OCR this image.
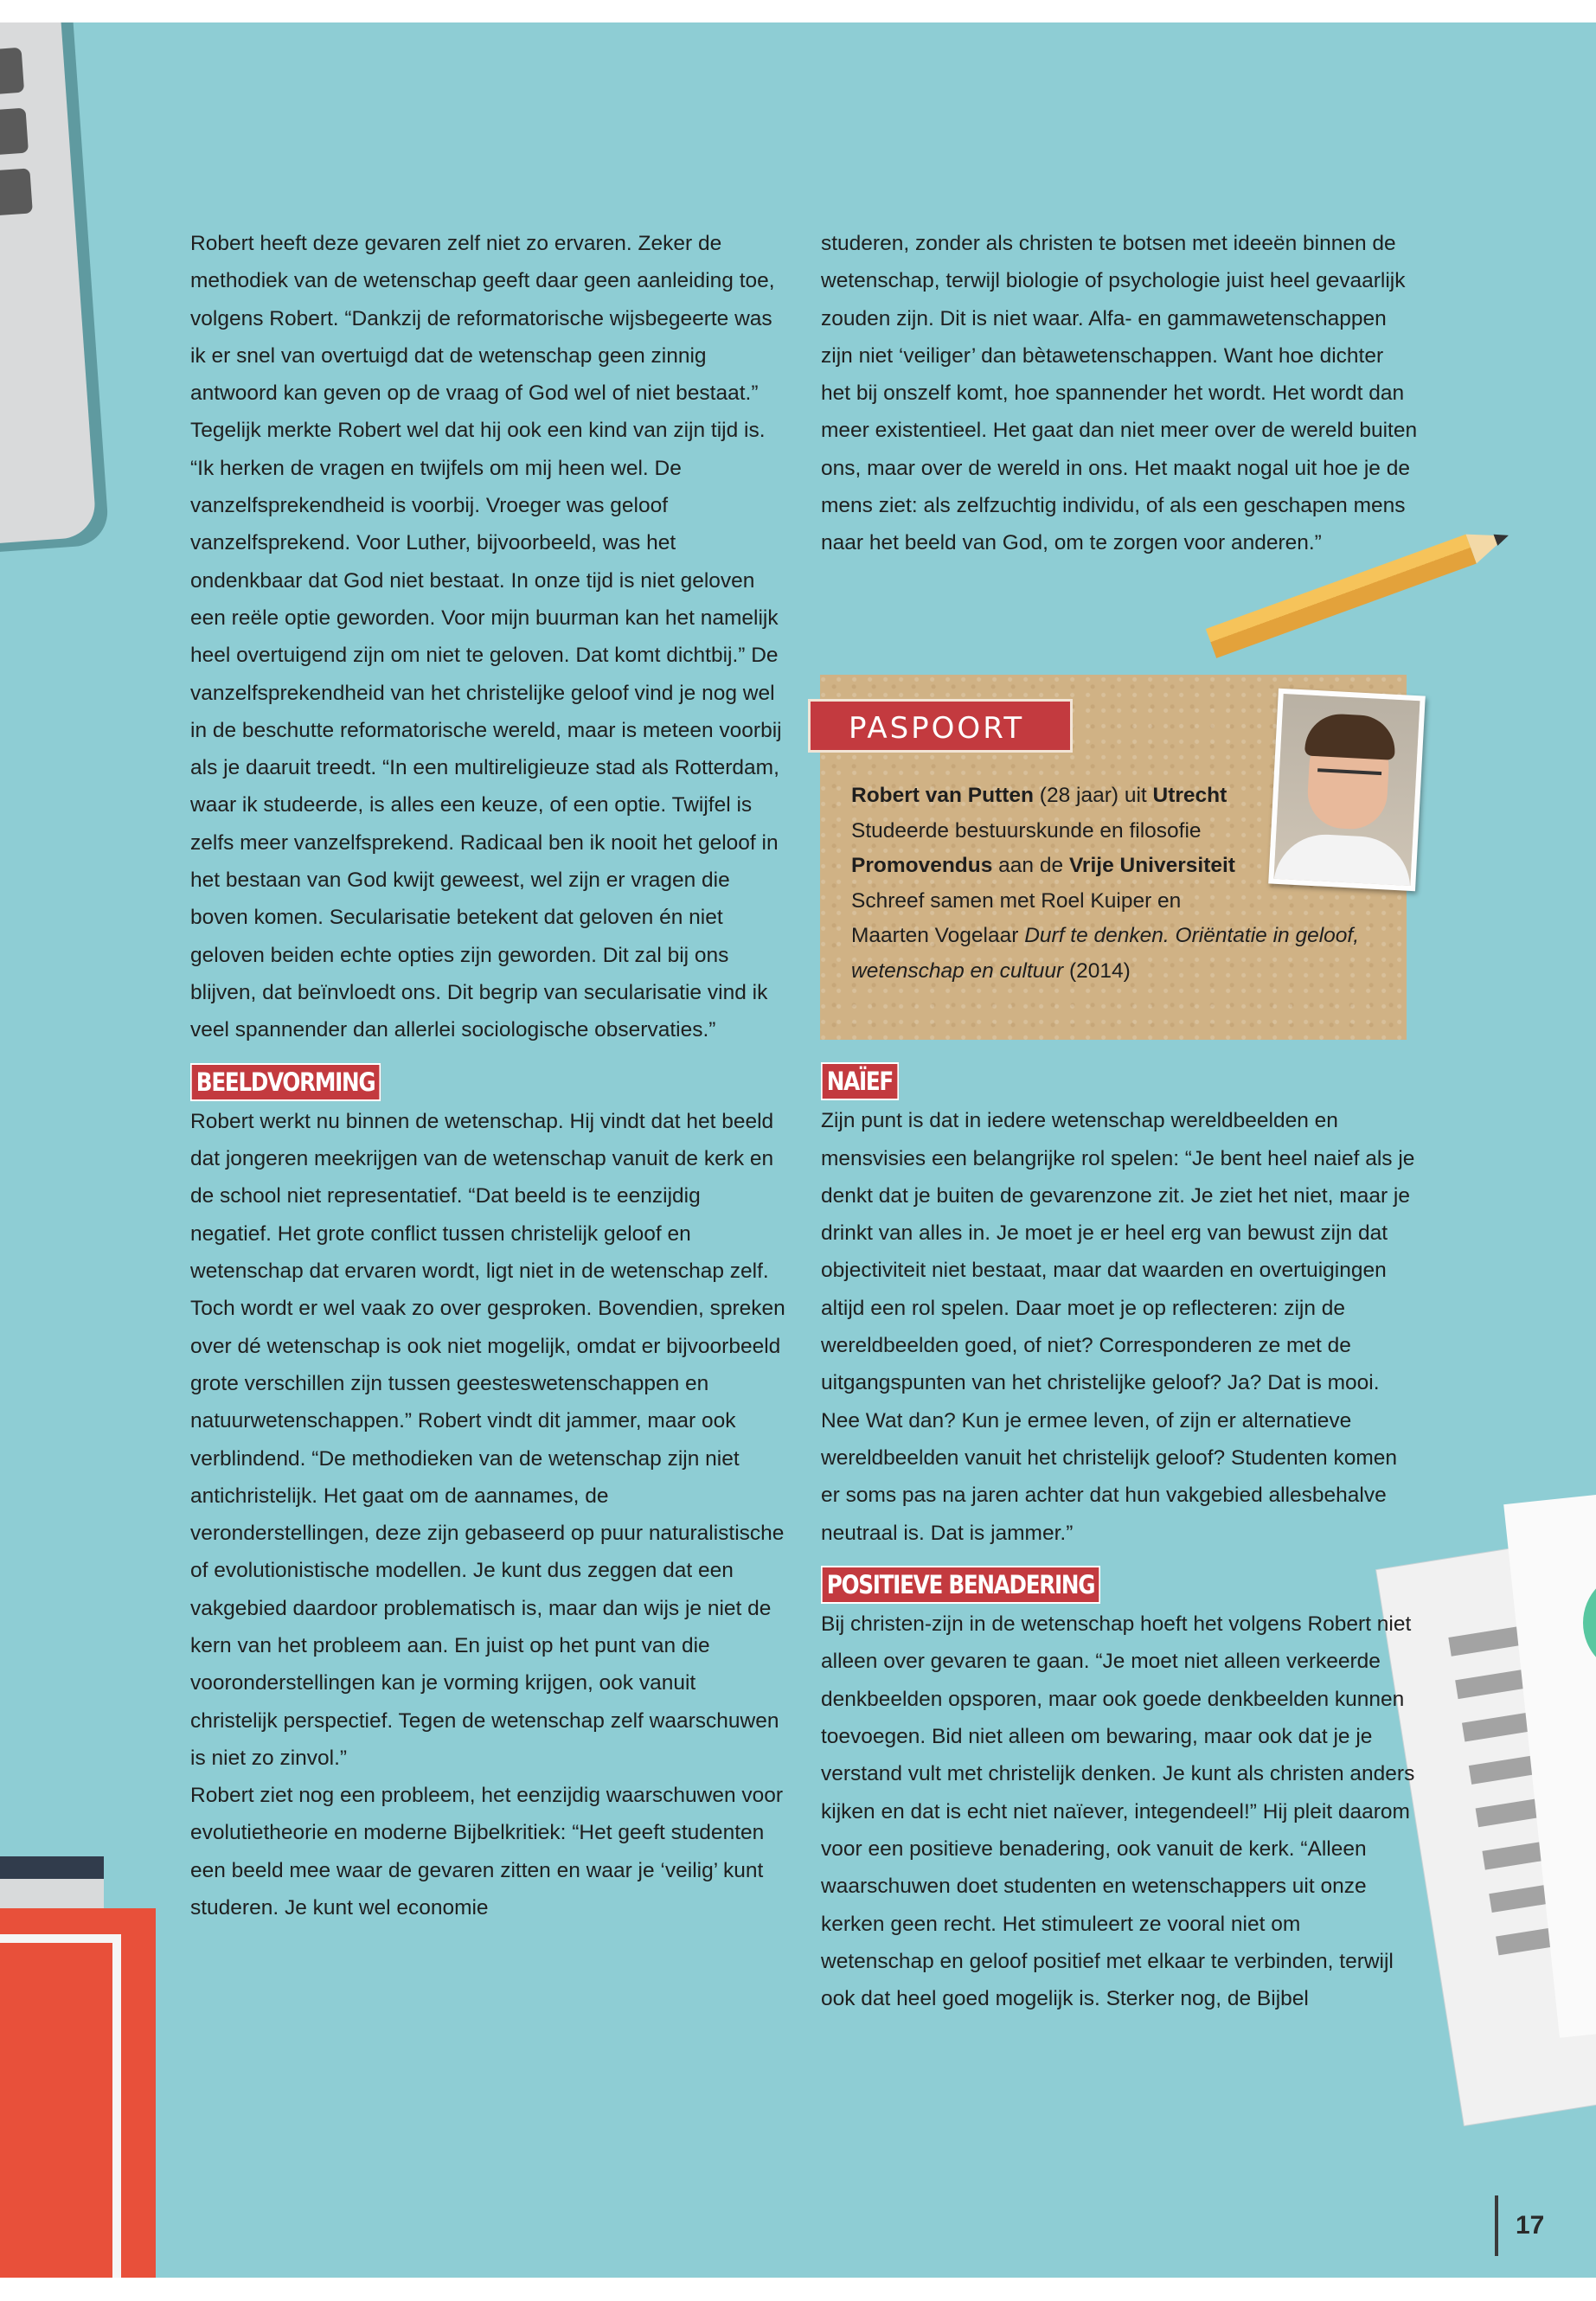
Robert heeft deze gevaren zelf niet zo ervaren. Zeker de methodiek van de wetenschap geeft daar geen aanleiding toe, volgens Robert. “Dankzij de reformatorische wijsbegeerte was ik er snel van overtuigd dat de wetenschap geen zinnig antwoord kan geven op de vraag of God wel of niet bestaat.”

Tegelijk merkte Robert wel dat hij ook een kind van zijn tijd is. “Ik herken de vragen en twijfels om mij heen wel. De vanzelfsprekendheid is voorbij. Vroeger was geloof vanzelfsprekend. Voor Luther, bijvoorbeeld, was het ondenkbaar dat God niet bestaat. In onze tijd is niet geloven een reële optie geworden. Voor mijn buurman kan het namelijk heel overtuigend zijn om niet te geloven. Dat komt dichtbij.” De vanzelfsprekendheid van het christelijke geloof vind je nog wel in de beschutte reformatorische wereld, maar is meteen voorbij als je daaruit treedt. “In een multireligieuze stad als Rotterdam, waar ik studeerde, is alles een keuze, of een optie. Twijfel is zelfs meer vanzelfsprekend. Radicaal ben ik nooit het geloof in het bestaan van God kwijt geweest, wel zijn er vragen die boven komen. Secularisatie betekent dat geloven én niet geloven beiden echte opties zijn geworden. Dit zal bij ons blijven, dat beïnvloedt ons. Dit begrip van secularisatie vind ik veel spannender dan allerlei sociologische observaties.”

BEELDVORMING

Robert werkt nu binnen de wetenschap. Hij vindt dat het beeld dat jongeren meekrijgen van de wetenschap vanuit de kerk en de school niet representatief. “Dat beeld is te eenzijdig negatief. Het grote conflict tussen christelijk geloof en wetenschap dat ervaren wordt, ligt niet in de wetenschap zelf. Toch wordt er wel vaak zo over gesproken. Bovendien, spreken over dé wetenschap is ook niet mogelijk, omdat er bijvoorbeeld grote verschillen zijn tussen geesteswetenschappen en natuurwetenschappen.” Robert vindt dit jammer, maar ook verblindend. “De methodieken van de wetenschap zijn niet antichristelijk. Het gaat om de aannames, de veronderstellingen, deze zijn gebaseerd op puur naturalistische of evolutionistische modellen. Je kunt dus zeggen dat een vakgebied daardoor problematisch is, maar dan wijs je niet de kern van het probleem aan. En juist op het punt van die vooronderstellingen kan je vorming krijgen, ook vanuit christelijk perspectief. Tegen de wetenschap zelf waarschuwen is niet zo zinvol.”

Robert ziet nog een probleem, het eenzijdig waarschuwen voor evolutietheorie en moderne Bijbelkritiek: “Het geeft studenten een beeld mee waar de gevaren zitten en waar je ‘veilig’ kunt studeren. Je kunt wel economie

studeren, zonder als christen te botsen met ideeën binnen de wetenschap, terwijl biologie of psychologie juist heel gevaarlijk zouden zijn. Dit is niet waar. Alfa- en gammawetenschappen zijn niet ‘veiliger’ dan bètawetenschappen. Want hoe dichter het bij onszelf komt, hoe spannender het wordt. Het wordt dan meer existentieel. Het gaat dan niet meer over de wereld buiten ons, maar over de wereld in ons. Het maakt nogal uit hoe je de mens ziet: als zelfzuchtig individu, of als een geschapen mens naar het beeld van God, om te zorgen voor anderen.”

PASPOORT

Robert van Putten (28 jaar) uit Utrecht

Studeerde bestuurskunde en filosofie

Promovendus aan de Vrije Universiteit

Schreef samen met Roel Kuiper en

Maarten Vogelaar Durf te denken. Oriëntatie in geloof, wetenschap en cultuur (2014)

NAÏEF

Zijn punt is dat in iedere wetenschap wereldbeelden en mensvisies een belangrijke rol spelen: “Je bent heel naief als je denkt dat je buiten de gevarenzone zit. Je ziet het niet, maar je drinkt van alles in. Je moet je er heel erg van bewust zijn dat objectiviteit niet bestaat, maar dat waarden en overtuigingen altijd een rol spelen. Daar moet je op reflecteren: zijn de wereldbeelden goed, of niet? Corresponderen ze met de uitgangspunten van het christelijke geloof? Ja? Dat is mooi. Nee Wat dan? Kun je ermee leven, of zijn er alternatieve wereldbeelden vanuit het christelijk geloof? Studenten komen er soms pas na jaren achter dat hun vakgebied allesbehalve neutraal is. Dat is jammer.”

POSITIEVE BENADERING

Bij christen-zijn in de wetenschap hoeft het volgens Robert niet alleen over gevaren te gaan. “Je moet niet alleen verkeerde denkbeelden opsporen, maar ook goede denkbeelden kunnen toevoegen. Bid niet alleen om bewaring, maar ook dat je je verstand vult met christelijk denken. Je kunt als christen anders kijken en dat is echt niet naïever, integendeel!” Hij pleit daarom voor een positieve benadering, ook vanuit de kerk. “Alleen waarschuwen doet studenten en wetenschappers uit onze kerken geen recht. Het stimuleert ze vooral niet om wetenschap en geloof positief met elkaar te verbinden, terwijl ook dat heel goed mogelijk is. Sterker nog, de Bijbel

17
